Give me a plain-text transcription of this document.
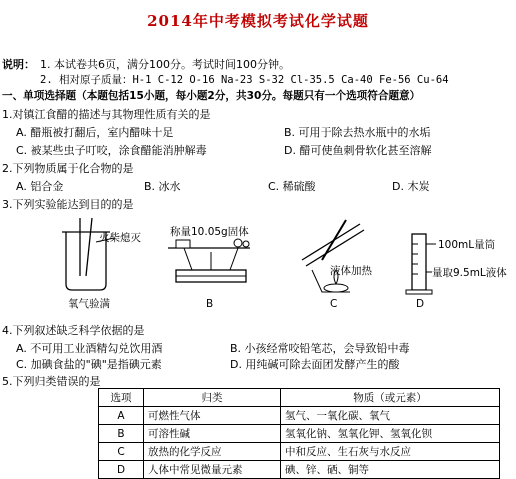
2014年中考模拟考试化学试题
说明： 1. 本试卷共6页，满分100分。考试时间100分钟。
2. 相对原子质量：H-1 C-12 O-16 Na-23 S-32 Cl-35.5 Ca-40 Fe-56 Cu-64
一、单项选择题（本题包括15小题，每小题2分，共30分。每题只有一个选项符合题意）
1.对镇江食醋的描述与其物理性质有关的是
A. 醋瓶被打翻后，室内醋味十足	B. 可用于除去热水瓶中的水垢
C. 被某些虫子叮咬，涂食醋能消肿解毒	D. 醋可使鱼刺骨软化甚至溶解
2.下列物质属于化合物的是
A. 铝合金	B. 冰水	C. 稀硫酸	D. 木炭
3.下列实验能达到目的的是
火柴熄灭
氧气验满
称量10.05g固体
B
液体加热
C
100mL量筒
量取9.5mL液体
D
4.下列叙述缺乏科学依据的是
A. 不可用工业酒精勾兑饮用酒	B. 小孩经常咬铅笔芯，会导致铅中毒
C. 加碘食盐的"碘"是指碘元素	D. 用纯碱可除去面团发酵产生的酸
5.下列归类错误的是
选项	归类	物质（或元素）
A	可燃性气体	氢气、一氧化碳、氧气
B	可溶性碱	氢氧化钠、氢氧化钾、氢氧化钡
C	放热的化学反应	中和反应、生石灰与水反应
D	人体中常见微量元素	碘、锌、硒、铜等
